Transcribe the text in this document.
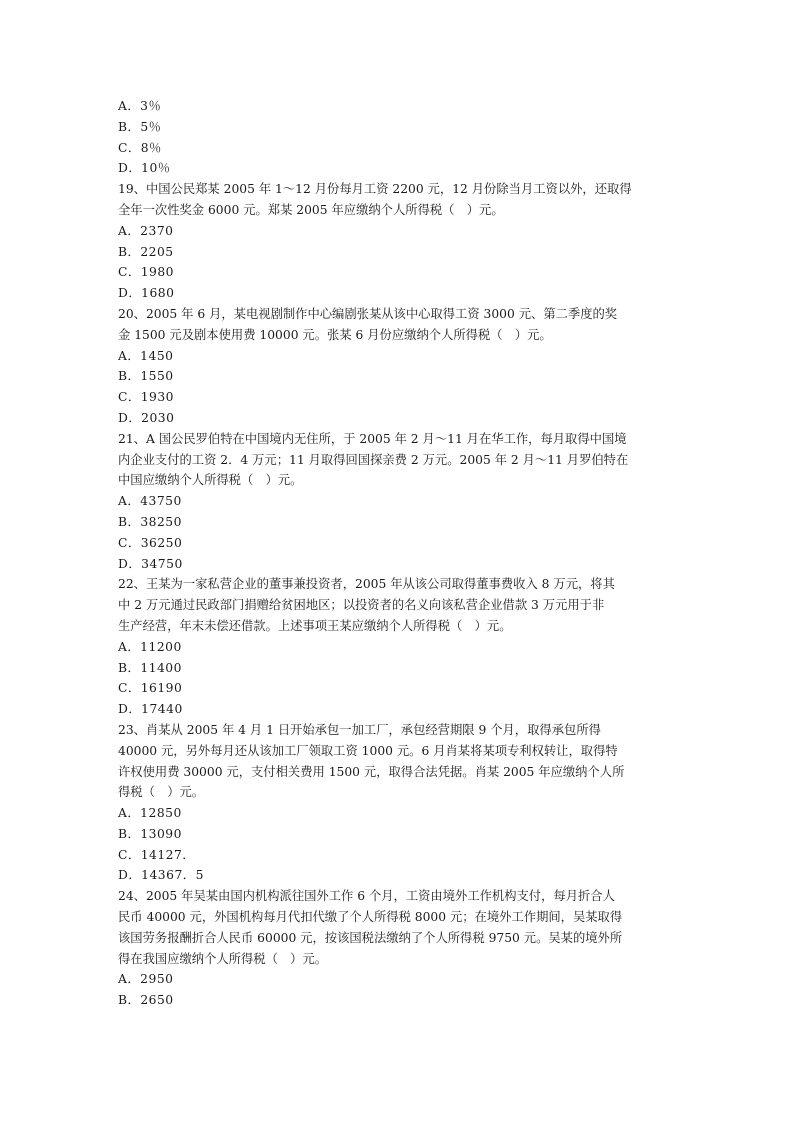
A．3％
B．5％
C．8％
D．10％
19、中国公民郑某 2005 年 1～12 月份每月工资 2200 元，12 月份除当月工资以外，还取得
全年一次性奖金 6000 元。郑某 2005 年应缴纳个人所得税（　）元。
A．2370
B．2205
C．1980
D．1680
20、2005 年 6 月，某电视剧制作中心编剧张某从该中心取得工资 3000 元、第二季度的奖
金 1500 元及剧本使用费 10000 元。张某 6 月份应缴纳个人所得税（　）元。
A．1450
B．1550
C．1930
D．2030
21、A 国公民罗伯特在中国境内无住所，于 2005 年 2 月～11 月在华工作，每月取得中国境
内企业支付的工资 2．4 万元；11 月取得回国探亲费 2 万元。2005 年 2 月～11 月罗伯特在
中国应缴纳个人所得税（　）元。
A．43750
B．38250
C．36250
D．34750
22、王某为一家私营企业的董事兼投资者，2005 年从该公司取得董事费收入 8 万元，将其
中 2 万元通过民政部门捐赠给贫困地区；以投资者的名义向该私营企业借款 3 万元用于非
生产经营，年末未偿还借款。上述事项王某应缴纳个人所得税（　）元。
A．11200
B．11400
C．16190
D．17440
23、肖某从 2005 年 4 月 1 日开始承包一加工厂，承包经营期限 9 个月，取得承包所得
40000 元，另外每月还从该加工厂领取工资 1000 元。6 月肖某将某项专利权转让，取得特
许权使用费 30000 元，支付相关费用 1500 元，取得合法凭据。肖某 2005 年应缴纳个人所
得税（　）元。
A．12850
B．13090
C．14127．
D．14367．5
24、2005 年吴某由国内机构派往国外工作 6 个月，工资由境外工作机构支付，每月折合人
民币 40000 元，外国机构每月代扣代缴了个人所得税 8000 元；在境外工作期间，吴某取得
该国劳务报酬折合人民币 60000 元，按该国税法缴纳了个人所得税 9750 元。吴某的境外所
得在我国应缴纳个人所得税（　）元。
A．2950
B．2650
